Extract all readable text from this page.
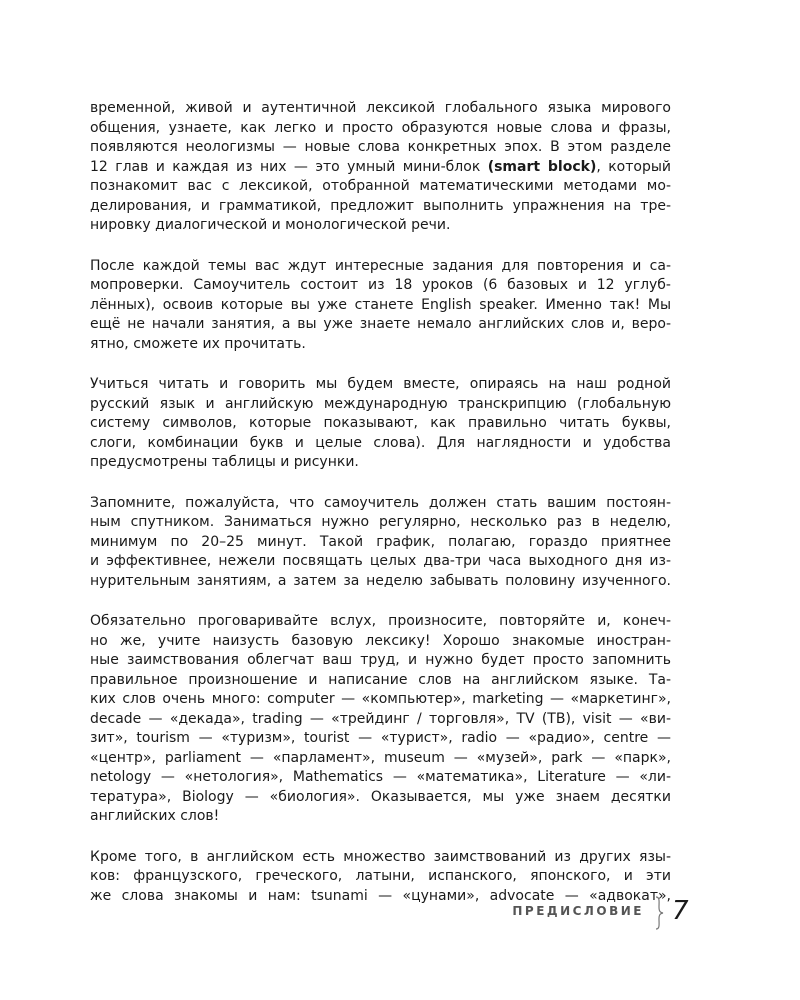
временной, живой и аутентичной лексикой глобального языка мирового
общения, узнаете, как легко и просто образуются новые слова и фразы,
появляются неологизмы — новые слова конкретных эпох. В этом разделе
12 глав и каждая из них — это умный мини-блок (smart block), который
познакомит вас с лексикой, отобранной математическими методами мо-
делирования, и грамматикой, предложит выполнить упражнения на тре-
нировку диалогической и монологической речи.

После каждой темы вас ждут интересные задания для повторения и са-
мопроверки. Самоучитель состоит из 18 уроков (6 базовых и 12 углуб-
лённых), освоив которые вы уже станете English speaker. Именно так! Мы
ещё не начали занятия, а вы уже знаете немало английских слов и, веро-
ятно, сможете их прочитать.

Учиться читать и говорить мы будем вместе, опираясь на наш родной
русский язык и английскую международную транскрипцию (глобальную
систему символов, которые показывают, как правильно читать буквы,
слоги, комбинации букв и целые слова). Для наглядности и удобства
предусмотрены таблицы и рисунки.

Запомните, пожалуйста, что самоучитель должен стать вашим постоян-
ным спутником. Заниматься нужно регулярно, несколько раз в неделю,
минимум по 20–25 минут. Такой график, полагаю, гораздо приятнее
и эффективнее, нежели посвящать целых два-три часа выходного дня из-
нурительным занятиям, а затем за неделю забывать половину изученного.

Обязательно проговаривайте вслух, произносите, повторяйте и, конеч-
но же, учите наизусть базовую лексику! Хорошо знакомые иностран-
ные заимствования облегчат ваш труд, и нужно будет просто запомнить
правильное произношение и написание слов на английском языке. Та-
ких слов очень много: computer — «компьютер», marketing — «маркетинг»,
decade — «декада», trading — «трейдинг / торговля», TV (ТВ), visit — «ви-
зит», tourism — «туризм», tourist — «турист», radio — «радио», centre —
«центр», parliament — «парламент», museum — «музей», park — «парк»,
netology — «нетология», Mathematics — «математика», Literature — «ли-
тература», Biology — «биология». Оказывается, мы уже знаем десятки
английских слов!

Кроме того, в английском есть множество заимствований из других язы-
ков: французского, греческого, латыни, испанского, японского, и эти
же слова знакомы и нам: tsunami — «цунами», advocate — «адвокат»,

ПРЕДИСЛОВИЕ 7
